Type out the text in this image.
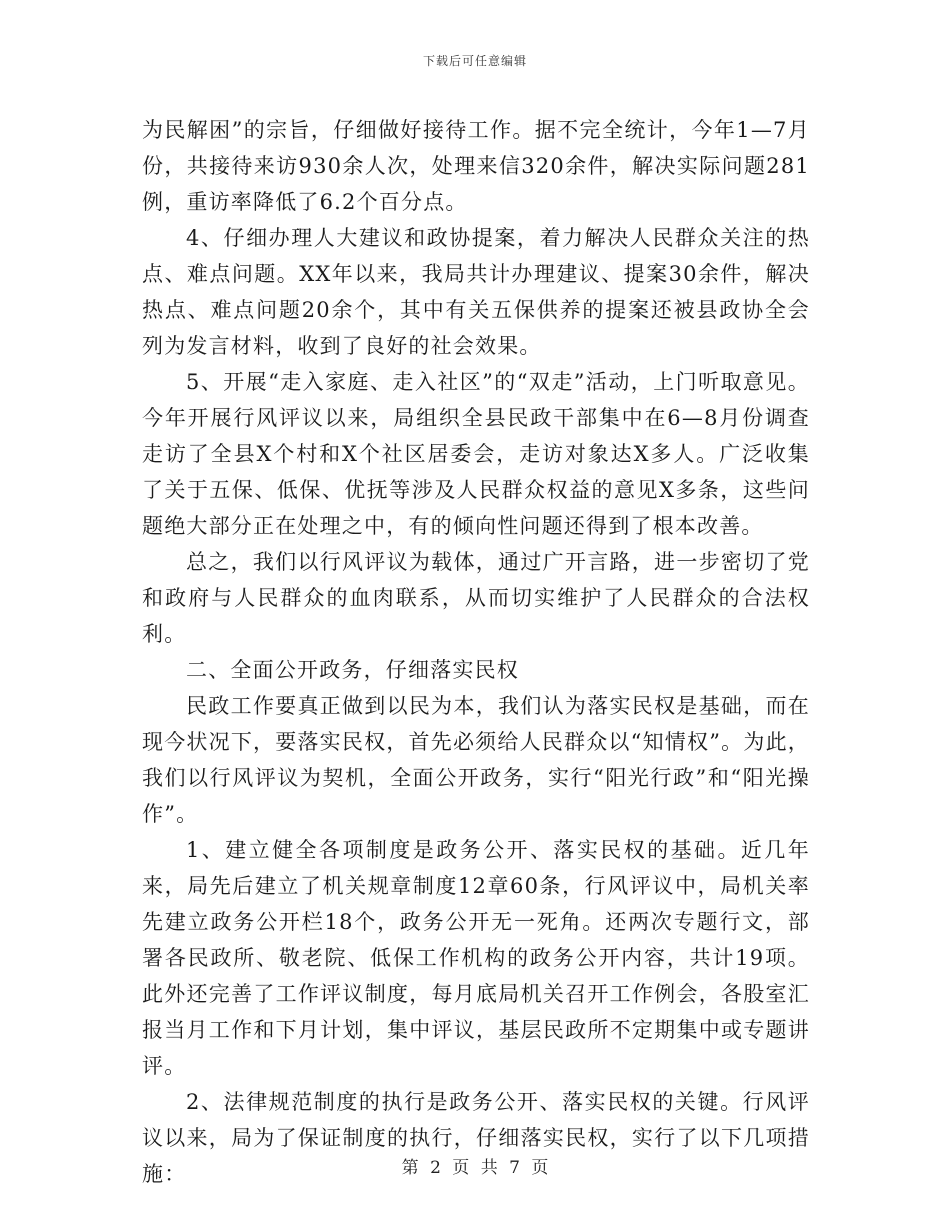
下载后可任意编辑

为民解困”的宗旨，仔细做好接待工作。据不完全统计，今年1—7月份，共接待来访930余人次，处理来信320余件，解决实际问题281例，重访率降低了6.2个百分点。

4、仔细办理人大建议和政协提案，着力解决人民群众关注的热点、难点问题。XX年以来，我局共计办理建议、提案30余件，解决热点、难点问题20余个，其中有关五保供养的提案还被县政协全会列为发言材料，收到了良好的社会效果。

5、开展“走入家庭、走入社区”的“双走”活动，上门听取意见。今年开展行风评议以来，局组织全县民政干部集中在6—8月份调查走访了全县X个村和X个社区居委会，走访对象达X多人。广泛收集了关于五保、低保、优抚等涉及人民群众权益的意见X多条，这些问题绝大部分正在处理之中，有的倾向性问题还得到了根本改善。

总之，我们以行风评议为载体，通过广开言路，进一步密切了党和政府与人民群众的血肉联系，从而切实维护了人民群众的合法权利。

二、全面公开政务，仔细落实民权

民政工作要真正做到以民为本，我们认为落实民权是基础，而在现今状况下，要落实民权，首先必须给人民群众以“知情权”。为此，我们以行风评议为契机，全面公开政务，实行“阳光行政”和“阳光操作”。

1、建立健全各项制度是政务公开、落实民权的基础。近几年来，局先后建立了机关规章制度12章60条，行风评议中，局机关率先建立政务公开栏18个，政务公开无一死角。还两次专题行文，部署各民政所、敬老院、低保工作机构的政务公开内容，共计19项。此外还完善了工作评议制度，每月底局机关召开工作例会，各股室汇报当月工作和下月计划，集中评议，基层民政所不定期集中或专题讲评。

2、法律规范制度的执行是政务公开、落实民权的关键。行风评议以来，局为了保证制度的执行，仔细落实民权，实行了以下几项措施：	第 2 页 共 7 页
